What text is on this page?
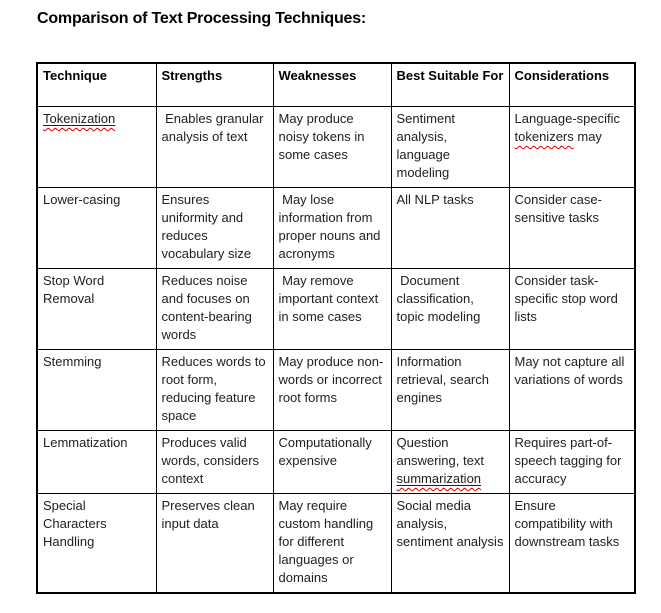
Comparison of Text Processing Techniques:
Technique	Strengths	Weaknesses	Best Suitable For	Considerations
Tokenization	Enables granular analysis of text	May produce noisy tokens in some cases	Sentiment analysis, language modeling	Language-specific tokenizers may
Lower-casing	Ensures uniformity and reduces vocabulary size	May lose information from proper nouns and acronyms	All NLP tasks	Consider case-sensitive tasks
Stop Word Removal	Reduces noise and focuses on content-bearing words	May remove important context in some cases	Document classification, topic modeling	Consider task-specific stop word lists
Stemming	Reduces words to root form, reducing feature space	May produce non-words or incorrect root forms	Information retrieval, search engines	May not capture all variations of words
Lemmatization	Produces valid words, considers context	Computationally expensive	Question answering, text summarization	Requires part-of-speech tagging for accuracy
Special Characters Handling	Preserves clean input data	May require custom handling for different languages or domains	Social media analysis, sentiment analysis	Ensure compatibility with downstream tasks
